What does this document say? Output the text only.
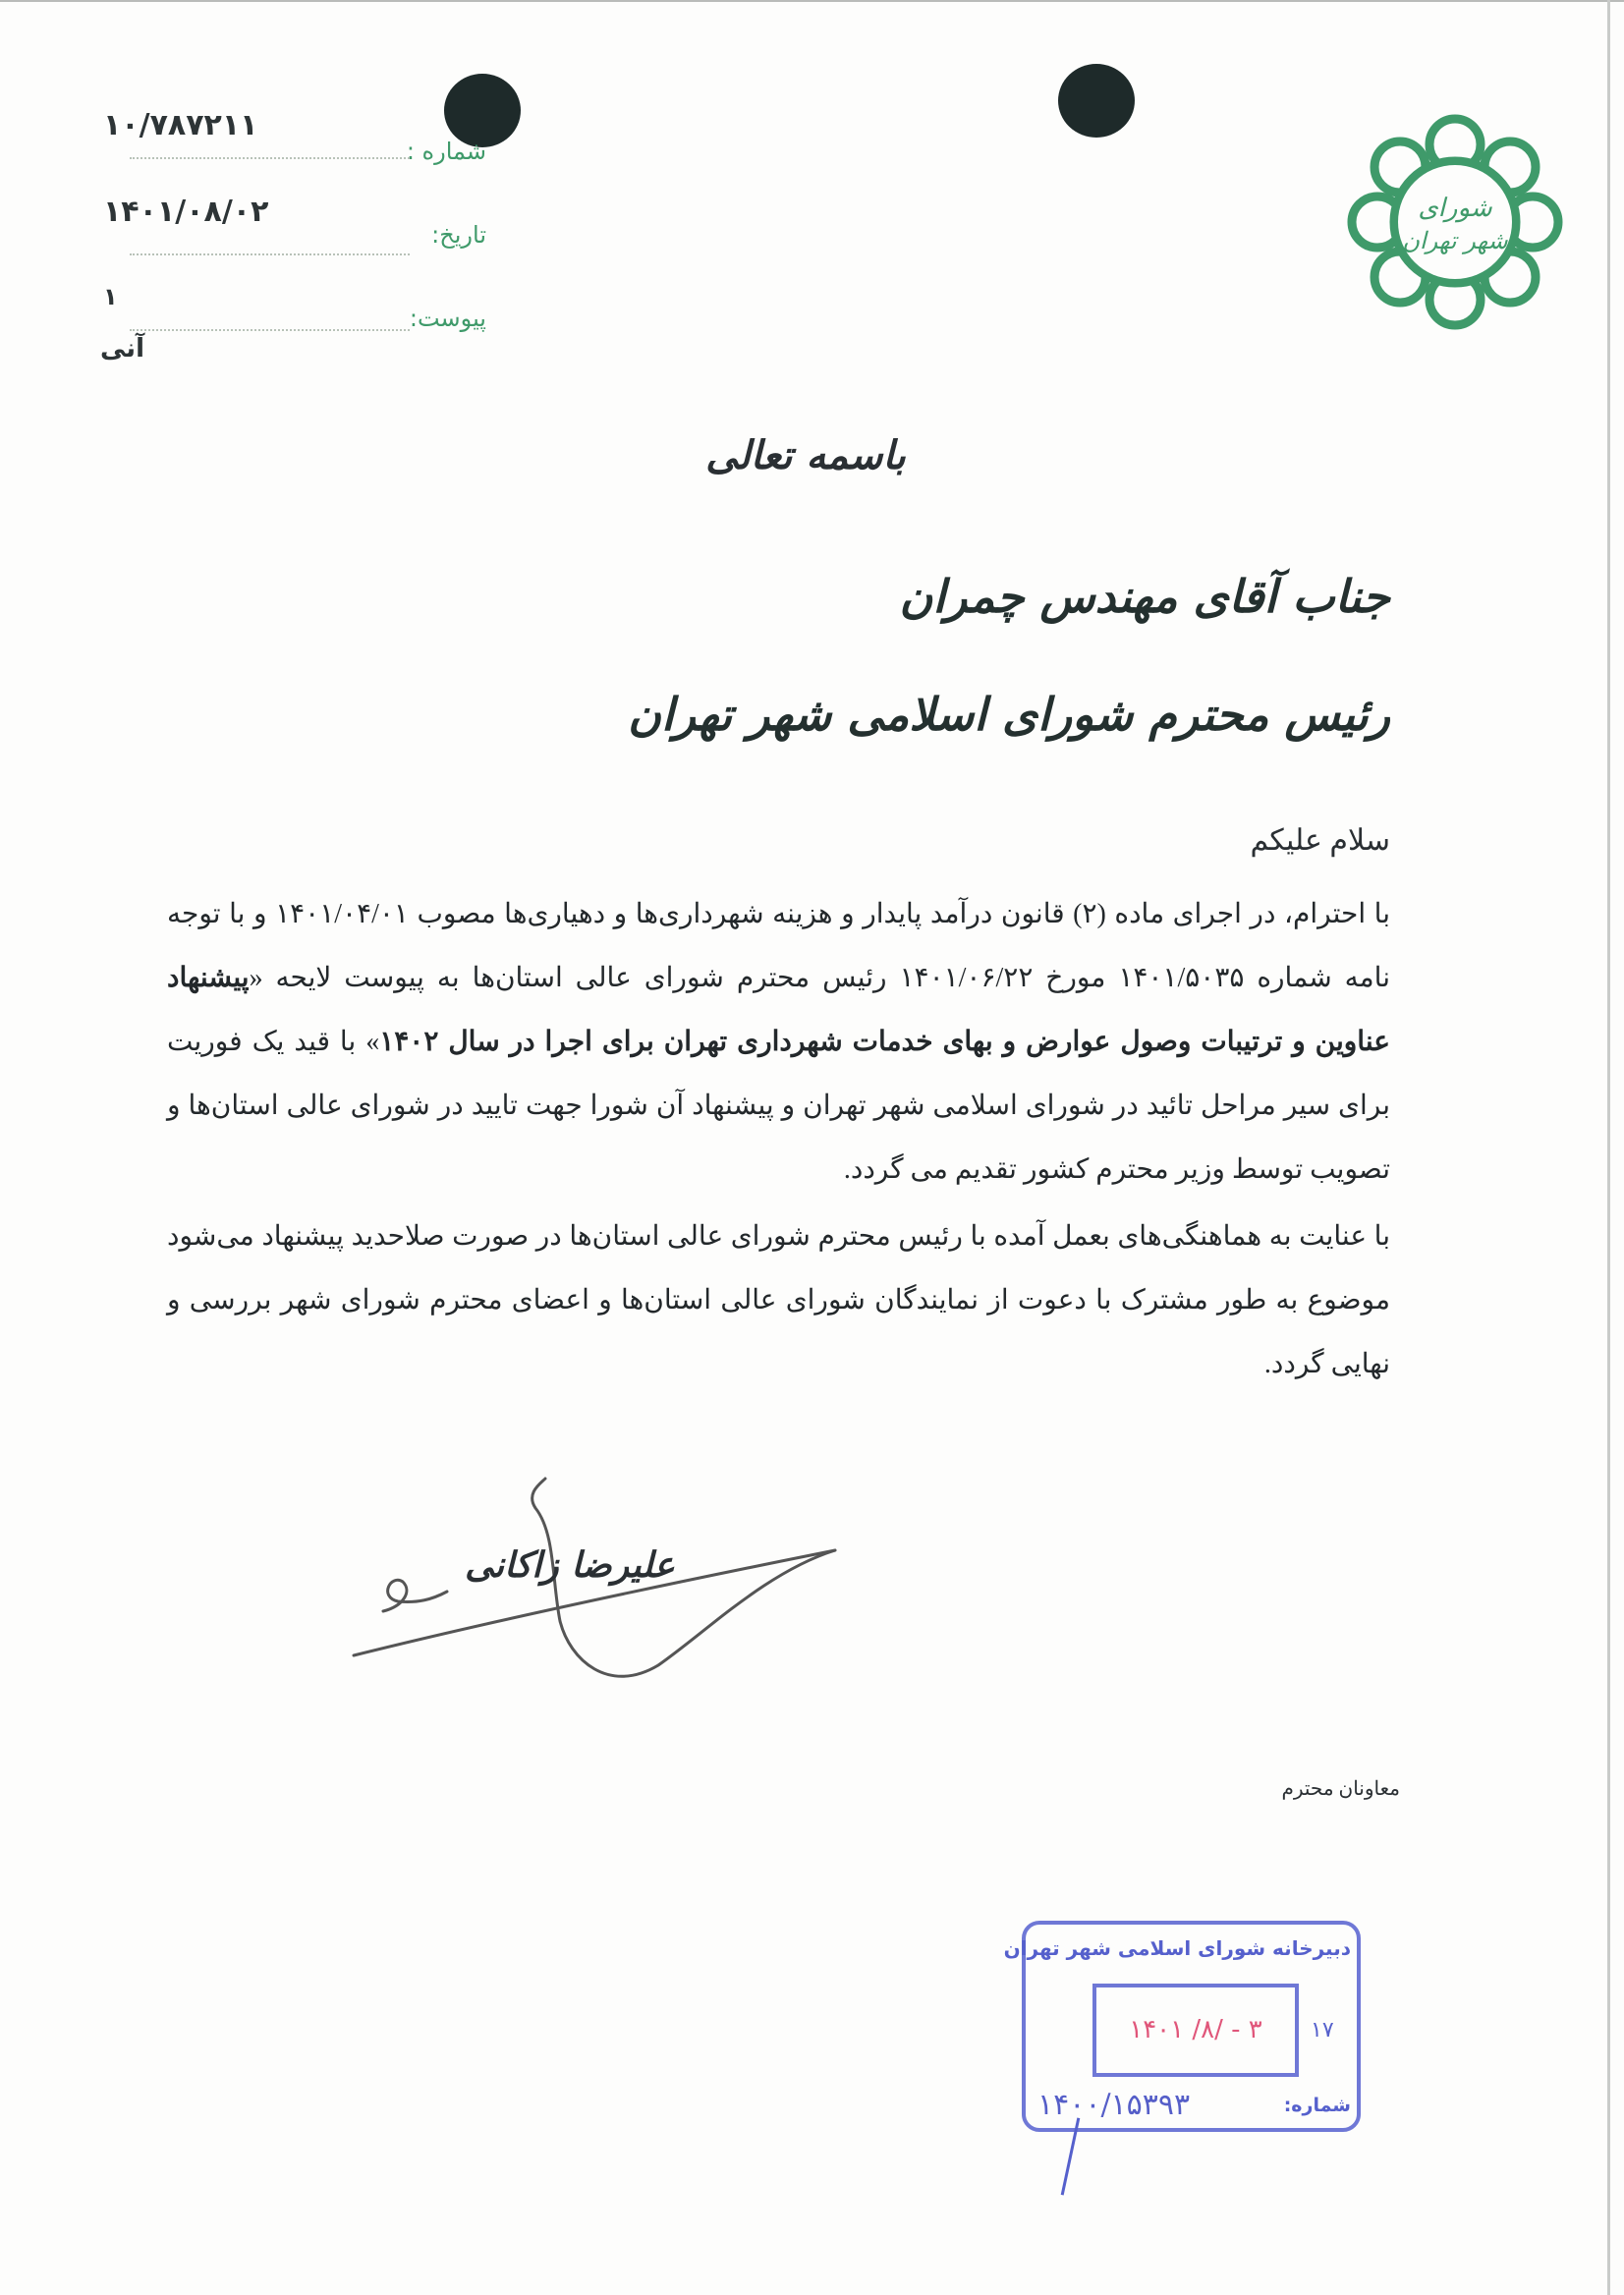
۱۰/۷۸۷۲۱۱
شماره :
۱۴۰۱/۰۸/۰۲
تاریخ:
۱
پیوست:
آنی
شورای
شهر تهران
باسمه تعالی
جناب آقای مهندس چمران
رئیس محترم شورای اسلامی شهر تهران
سلام علیکم
با احترام، در اجرای ماده (۲) قانون درآمد پایدار و هزینه شهرداری‌ها و دهیاری‌ها مصوب ۱۴۰۱/۰۴/۰۱ و با توجه نامه شماره ۱۴۰۱/۵۰۳۵ مورخ ۱۴۰۱/۰۶/۲۲ رئیس محترم شورای عالی استان‌ها به پیوست لایحه «پیشنهاد عناوین و ترتیبات وصول عوارض و بهای خدمات شهرداری تهران برای اجرا در سال ۱۴۰۲» با قید یک فوریت برای سیر مراحل تائید در شورای اسلامی شهر تهران و پیشنهاد آن شورا جهت تایید در شورای عالی استان‌ها و تصویب توسط وزیر محترم کشور تقدیم می گردد.
با عنایت به هماهنگی‌های بعمل آمده با رئیس محترم شورای عالی استان‌ها در صورت صلاحدید پیشنهاد می‌شود موضوع به طور مشترک با دعوت از نمایندگان شورای عالی استان‌ها و اعضای محترم شورای شهر بررسی و نهایی گردد.
علیرضا زاکانی
معاونان محترم
دبیرخانه شورای اسلامی شهر تهران
۱۴۰۱ /۸/ - ۳	۱۷
شماره:
۱۴۰۰/۱۵۳۹۳
